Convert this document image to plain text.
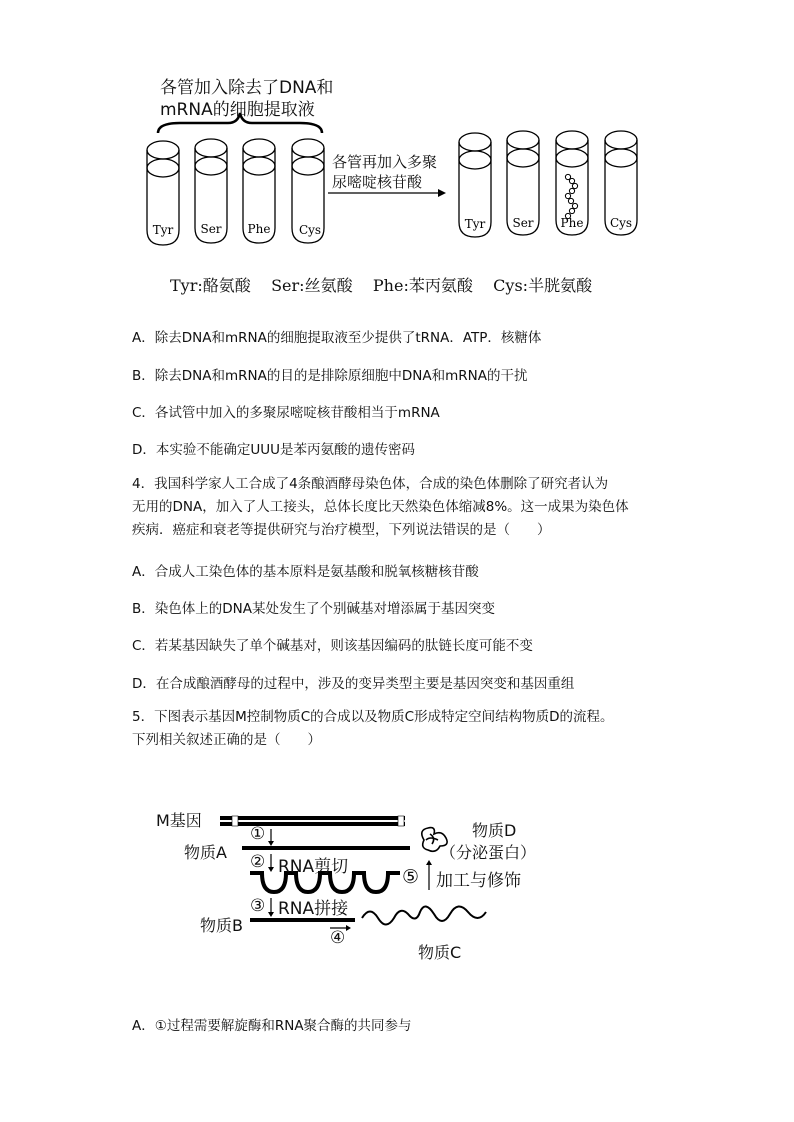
各管加入除去了DNA和
mRNA的细胞提取液
Tyr Ser Phe Cys	Tyr Ser Phe Cys
各管再加入多聚
尿嘧啶核苷酸
Tyr:酪氨酸    Ser:丝氨酸    Phe:苯丙氨酸    Cys:半胱氨酸
A．除去DNA和mRNA的细胞提取液至少提供了tRNA．ATP．核糖体
B．除去DNA和mRNA的目的是排除原细胞中DNA和mRNA的干扰
C．各试管中加入的多聚尿嘧啶核苷酸相当于mRNA
D．本实验不能确定UUU是苯丙氨酸的遗传密码
4．我国科学家人工合成了4条酿酒酵母染色体，合成的染色体删除了研究者认为
无用的DNA，加入了人工接头，总体长度比天然染色体缩减8%。这一成果为染色体
疾病．癌症和衰老等提供研究与治疗模型，下列说法错误的是（　　）
A．合成人工染色体的基本原料是氨基酸和脱氧核糖核苷酸
B．染色体上的DNA某处发生了个别碱基对增添属于基因突变
C．若某基因缺失了单个碱基对，则该基因编码的肽链长度可能不变
D．在合成酿酒酵母的过程中，涉及的变异类型主要是基因突变和基因重组
5．下图表示基因M控制物质C的合成以及物质C形成特定空间结构物质D的流程。
下列相关叙述正确的是（　　）
M基因
①
物质A ② RNA剪切
③ RNA拼接
物质B
④
物质C
物质D
（分泌蛋白）
⑤ 加工与修饰
A．①过程需要解旋酶和RNA聚合酶的共同参与
